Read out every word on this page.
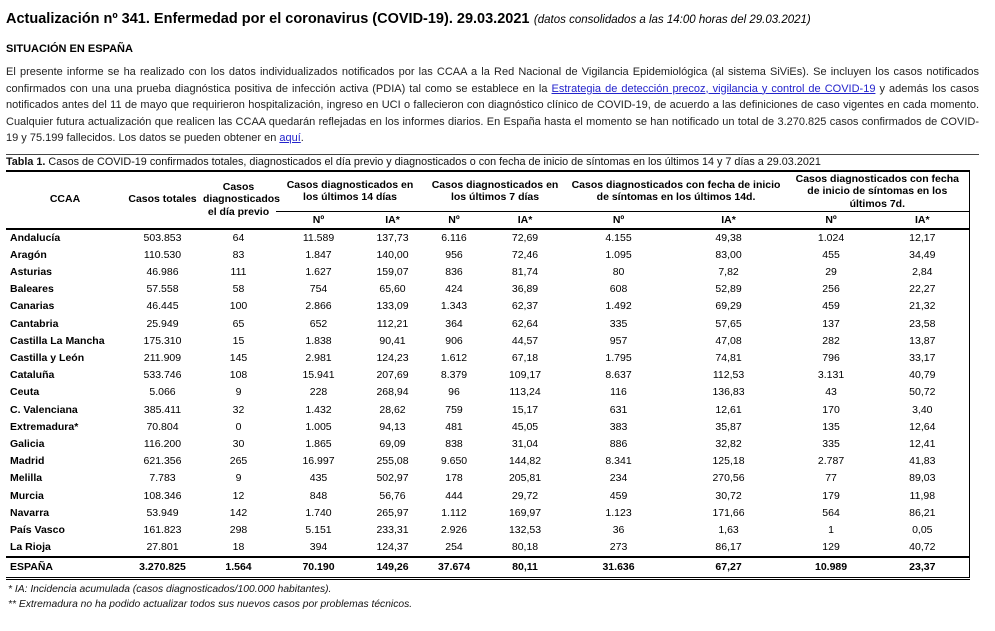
Actualización nº 341. Enfermedad por el coronavirus (COVID-19). 29.03.2021 (datos consolidados a las 14:00 horas del 29.03.2021)
SITUACIÓN EN ESPAÑA

El presente informe se ha realizado con los datos individualizados notificados por las CCAA a la Red Nacional de Vigilancia Epidemiológica (al sistema SiViEs). Se incluyen los casos notificados confirmados con una una prueba diagnóstica positiva de infección activa (PDIA) tal como se establece en la Estrategia de detección precoz, vigilancia y control de COVID-19 y además los casos notificados antes del 11 de mayo que requirieron hospitalización, ingreso en UCI o fallecieron con diagnóstico clínico de COVID-19, de acuerdo a las definiciones de caso vigentes en cada momento. Cualquier futura actualización que realicen las CCAA quedarán reflejadas en los informes diarios. En España hasta el momento se han notificado un total de 3.270.825 casos confirmados de COVID-19 y 75.199 fallecidos. Los datos se pueden obtener en aquí.

Tabla 1. Casos de COVID-19 confirmados totales, diagnosticados el día previo y diagnosticados o con fecha de inicio de síntomas en los últimos 14 y 7 días a 29.03.2021
CCAA	Casos totales	Casos diagnosticados el día previo	Casos diagnosticados en los últimos 14 días		Casos diagnosticados en los últimos 7 días		Casos diagnosticados con fecha de inicio de síntomas en los últimos 14d.		Casos diagnosticados con fecha de inicio de síntomas en los últimos 7d.	
			Nº	IA*	Nº	IA*	Nº	IA*	Nº	IA*
Andalucía	503.853	64	11.589	137,73	6.116	72,69	4.155	49,38	1.024	12,17
Aragón	110.530	83	1.847	140,00	956	72,46	1.095	83,00	455	34,49
Asturias	46.986	111	1.627	159,07	836	81,74	80	7,82	29	2,84
Baleares	57.558	58	754	65,60	424	36,89	608	52,89	256	22,27
Canarias	46.445	100	2.866	133,09	1.343	62,37	1.492	69,29	459	21,32
Cantabria	25.949	65	652	112,21	364	62,64	335	57,65	137	23,58
Castilla La Mancha	175.310	15	1.838	90,41	906	44,57	957	47,08	282	13,87
Castilla y León	211.909	145	2.981	124,23	1.612	67,18	1.795	74,81	796	33,17
Cataluña	533.746	108	15.941	207,69	8.379	109,17	8.637	112,53	3.131	40,79
Ceuta	5.066	9	228	268,94	96	113,24	116	136,83	43	50,72
C. Valenciana	385.411	32	1.432	28,62	759	15,17	631	12,61	170	3,40
Extremadura*	70.804	0	1.005	94,13	481	45,05	383	35,87	135	12,64
Galicia	116.200	30	1.865	69,09	838	31,04	886	32,82	335	12,41
Madrid	621.356	265	16.997	255,08	9.650	144,82	8.341	125,18	2.787	41,83
Melilla	7.783	9	435	502,97	178	205,81	234	270,56	77	89,03
Murcia	108.346	12	848	56,76	444	29,72	459	30,72	179	11,98
Navarra	53.949	142	1.740	265,97	1.112	169,97	1.123	171,66	564	86,21
País Vasco	161.823	298	5.151	233,31	2.926	132,53	36	1,63	1	0,05
La Rioja	27.801	18	394	124,37	254	80,18	273	86,17	129	40,72
ESPAÑA	3.270.825	1.564	70.190	149,26	37.674	80,11	31.636	67,27	10.989	23,37
* IA: Incidencia acumulada (casos diagnosticados/100.000 habitantes).
** Extremadura no ha podido actualizar todos sus nuevos casos por problemas técnicos.
